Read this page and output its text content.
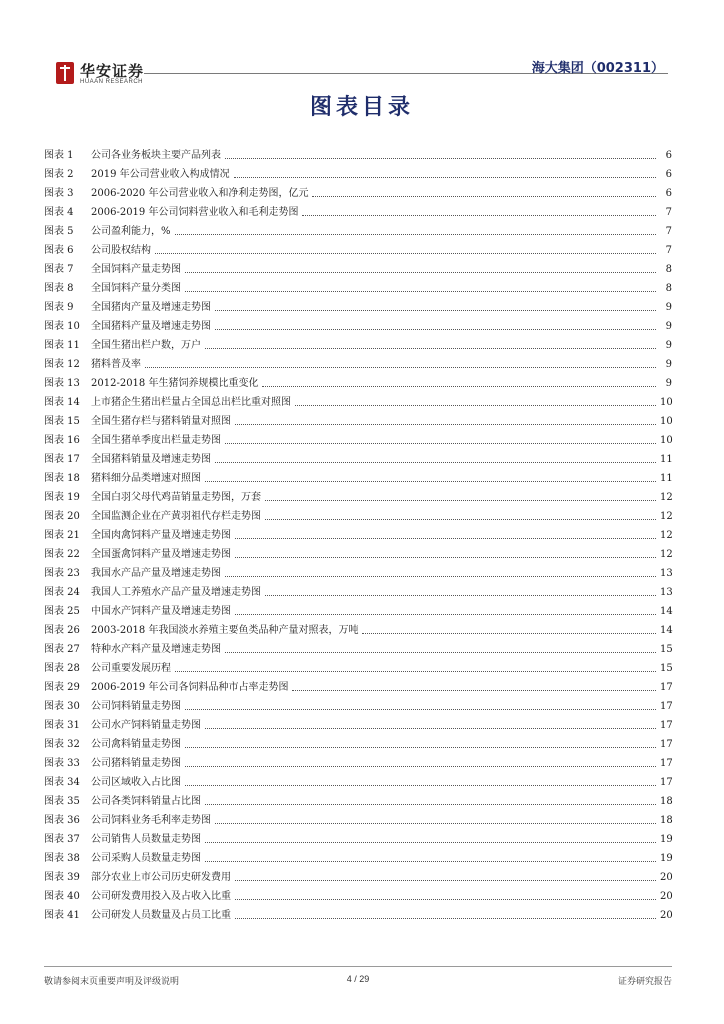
华安证券
HUAAN RESEARCH
海大集团（002311）
图表目录
图表 1	公司各业务板块主要产品列表	6
图表 2	2019 年公司营业收入构成情况	6
图表 3	2006-2020 年公司营业收入和净利走势图，亿元	6
图表 4	2006-2019 年公司饲料营业收入和毛利走势图	7
图表 5	公司盈利能力，%	7
图表 6	公司股权结构	7
图表 7	全国饲料产量走势图	8
图表 8	全国饲料产量分类图	8
图表 9	全国猪肉产量及增速走势图	9
图表 10	全国猪料产量及增速走势图	9
图表 11	全国生猪出栏户数，万户	9
图表 12	猪料普及率	9
图表 13	2012-2018 年生猪饲养规模比重变化	9
图表 14	上市猪企生猪出栏量占全国总出栏比重对照图	10
图表 15	全国生猪存栏与猪料销量对照图	10
图表 16	全国生猪单季度出栏量走势图	10
图表 17	全国猪料销量及增速走势图	11
图表 18	猪料细分品类增速对照图	11
图表 19	全国白羽父母代鸡苗销量走势图，万套	12
图表 20	全国监测企业在产黄羽祖代存栏走势图	12
图表 21	全国肉禽饲料产量及增速走势图	12
图表 22	全国蛋禽饲料产量及增速走势图	12
图表 23	我国水产品产量及增速走势图	13
图表 24	我国人工养殖水产品产量及增速走势图	13
图表 25	中国水产饲料产量及增速走势图	14
图表 26	2003-2018 年我国淡水养殖主要鱼类品种产量对照表，万吨	14
图表 27	特种水产料产量及增速走势图	15
图表 28	公司重要发展历程	15
图表 29	2006-2019 年公司各饲料品种市占率走势图	17
图表 30	公司饲料销量走势图	17
图表 31	公司水产饲料销量走势图	17
图表 32	公司禽料销量走势图	17
图表 33	公司猪料销量走势图	17
图表 34	公司区域收入占比图	17
图表 35	公司各类饲料销量占比图	18
图表 36	公司饲料业务毛利率走势图	18
图表 37	公司销售人员数量走势图	19
图表 38	公司采购人员数量走势图	19
图表 39	部分农业上市公司历史研发费用	20
图表 40	公司研发费用投入及占收入比重	20
图表 41	公司研发人员数量及占员工比重	20
敬请参阅末页重要声明及评级说明	4 / 29	证券研究报告
